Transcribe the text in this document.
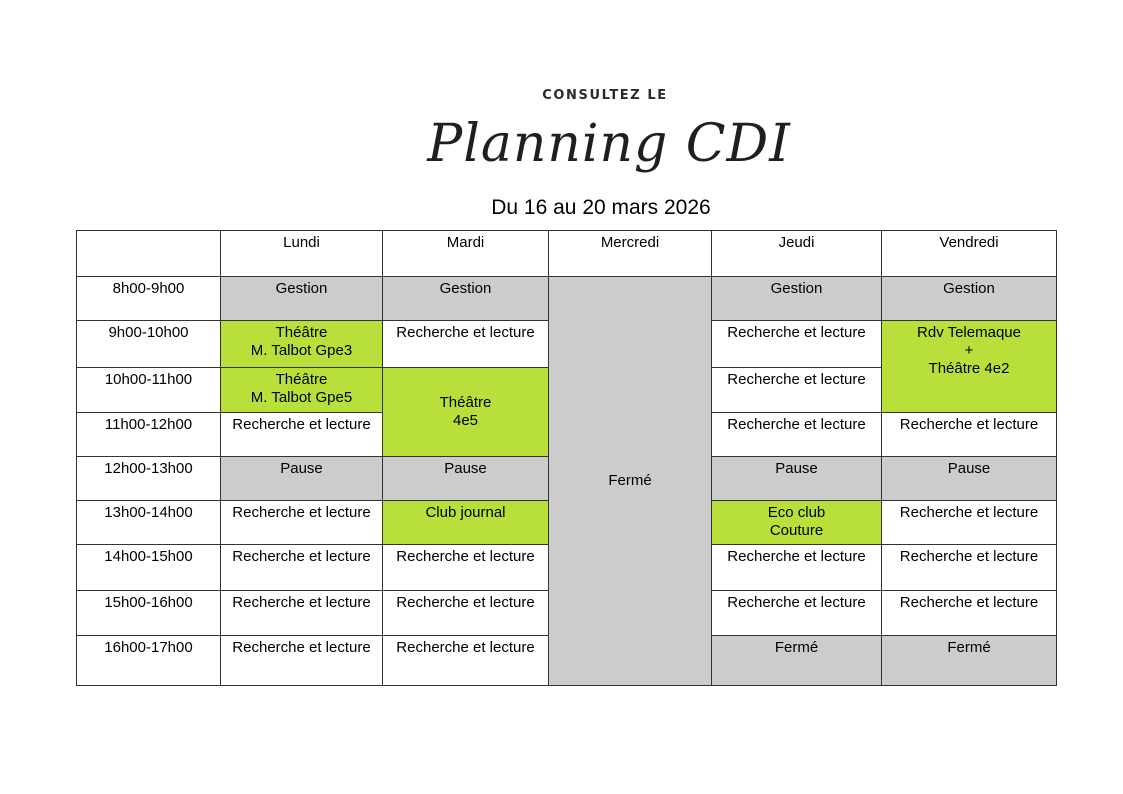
CONSULTEZ LE
Planning CDI
Du 16 au 20 mars 2026
	Lundi	Mardi	Mercredi	Jeudi	Vendredi
8h00-9h00	Gestion	Gestion	Fermé	Gestion	Gestion
9h00-10h00	Théâtre
M. Talbot Gpe3	Recherche et lecture		Recherche et lecture	Rdv Telemaque
+
Théâtre 4e2
10h00-11h00	Théâtre
M. Talbot Gpe5	Théâtre
4e5		Recherche et lecture	
11h00-12h00	Recherche et lecture			Recherche et lecture	Recherche et lecture
12h00-13h00	Pause	Pause		Pause	Pause
13h00-14h00	Recherche et lecture	Club journal		Eco club
Couture	Recherche et lecture
14h00-15h00	Recherche et lecture	Recherche et lecture		Recherche et lecture	Recherche et lecture
15h00-16h00	Recherche et lecture	Recherche et lecture		Recherche et lecture	Recherche et lecture
16h00-17h00	Recherche et lecture	Recherche et lecture		Fermé	Fermé
